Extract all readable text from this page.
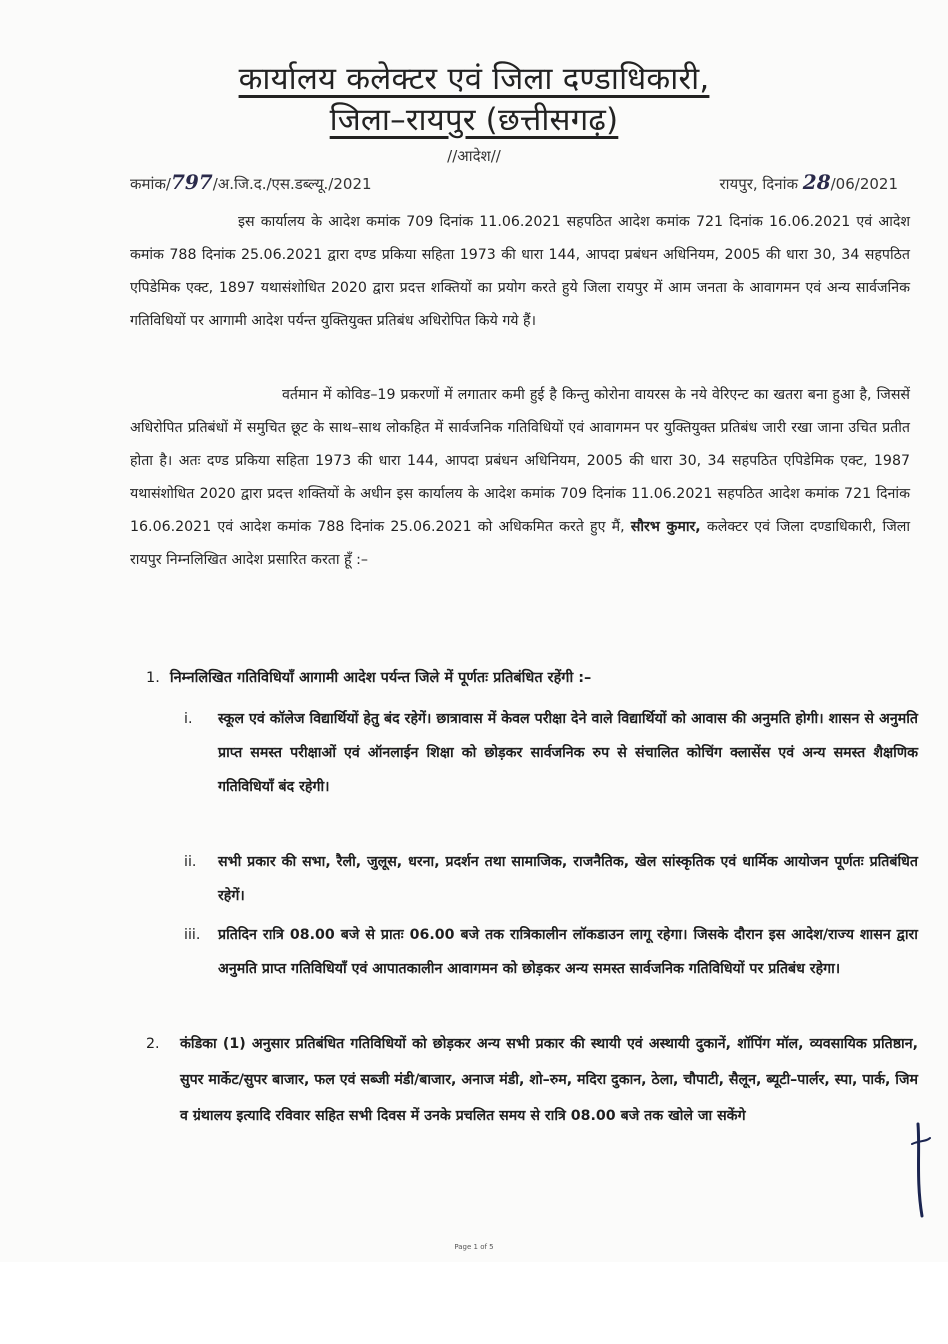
कार्यालय कलेक्टर एवं जिला दण्डाधिकारी,
जिला–रायपुर (छत्तीसगढ़)
//आदेश//
कमांक/797/अ.जि.द./एस.डब्ल्यू./2021	रायपुर, दिनांक 28/06/2021

इस कार्यालय के आदेश कमांक 709 दिनांक 11.06.2021 सहपठित आदेश कमांक 721 दिनांक 16.06.2021 एवं आदेश कमांक 788 दिनांक 25.06.2021 द्वारा दण्ड प्रकिया सहिता 1973 की धारा 144, आपदा प्रबंधन अधिनियम, 2005 की धारा 30, 34 सहपठित एपिडेमिक एक्ट, 1897 यथासंशोधित 2020 द्वारा प्रदत्त शक्तियों का प्रयोग करते हुये जिला रायपुर में आम जनता के आवागमन एवं अन्य सार्वजनिक गतिविधियों पर आगामी आदेश पर्यन्त युक्तियुक्त प्रतिबंध अधिरोपित किये गये हैं।

वर्तमान में कोविड–19 प्रकरणों में लगातार कमी हुई है किन्तु कोरोना वायरस के नये वेरिएन्ट का खतरा बना हुआ है, जिससें अधिरोपित प्रतिबंधों में समुचित छूट के साथ–साथ लोकहित में सार्वजनिक गतिविधियों एवं आवागमन पर युक्तियुक्त प्रतिबंध जारी रखा जाना उचित प्रतीत होता है। अतः दण्ड प्रकिया सहिता 1973 की धारा 144, आपदा प्रबंधन अधिनियम, 2005 की धारा 30, 34 सहपठित एपिडेमिक एक्ट, 1987 यथासंशोधित 2020 द्वारा प्रदत्त शक्तियों के अधीन इस कार्यालय के आदेश कमांक 709 दिनांक 11.06.2021 सहपठित आदेश कमांक 721 दिनांक 16.06.2021 एवं आदेश कमांक 788 दिनांक 25.06.2021 को अधिकमित करते हुए मैं, सौरभ कुमार, कलेक्टर एवं जिला दण्डाधिकारी, जिला रायपुर निम्नलिखित आदेश प्रसारित करता हूँ :–

1. निम्नलिखित गतिविधियॉं आगामी आदेश पर्यन्त जिले में पूर्णतः प्रतिबंधित रहेंगी :–
i.	स्कूल एवं कॉलेज विद्यार्थियों हेतु बंद रहेगें। छात्रावास में केवल परीक्षा देने वाले विद्यार्थियों को आवास की अनुमति होगी। शासन से अनुमति प्राप्त समस्त परीक्षाओं एवं ऑनलाईन शिक्षा को छोड़कर सार्वजनिक रुप से संचालित कोचिंग क्लासेंस एवं अन्य समस्त शैक्षणिक गतिविधियॉं बंद रहेगी।
ii.	सभी प्रकार की सभा, रैली, जुलूस, धरना, प्रदर्शन तथा सामाजिक, राजनैतिक, खेल सांस्कृतिक एवं धार्मिक आयोजन पूर्णतः प्रतिबंधित रहेगें।
iii.	प्रतिदिन रात्रि 08.00 बजे से प्रातः 06.00 बजे तक रात्रिकालीन लॉकडाउन लागू रहेगा। जिसके दौरान इस आदेश/राज्य शासन द्वारा अनुमति प्राप्त गतिविधियॉं एवं आपातकालीन आवागमन को छोड़कर अन्य समस्त सार्वजनिक गतिविधियों पर प्रतिबंध रहेगा।
2. कंडिका (1) अनुसार प्रतिबंधित गतिविधियों को छोड़कर अन्य सभी प्रकार की स्थायी एवं अस्थायी दुकानें, शॉपिंग मॉल, व्यवसायिक प्रतिष्ठान, सुपर मार्केट/सुपर बाजार, फल एवं सब्जी मंडी/बाजार, अनाज मंडी, शो–रुम, मदिरा दुकान, ठेला, चौपाटी, सैलून, ब्यूटी–पार्लर, स्पा, पार्क, जिम व ग्रंथालय इत्यादि रविवार सहित सभी दिवस में उनके प्रचलित समय से रात्रि 08.00 बजे तक खोले जा सकेंगे
Page 1 of 5
